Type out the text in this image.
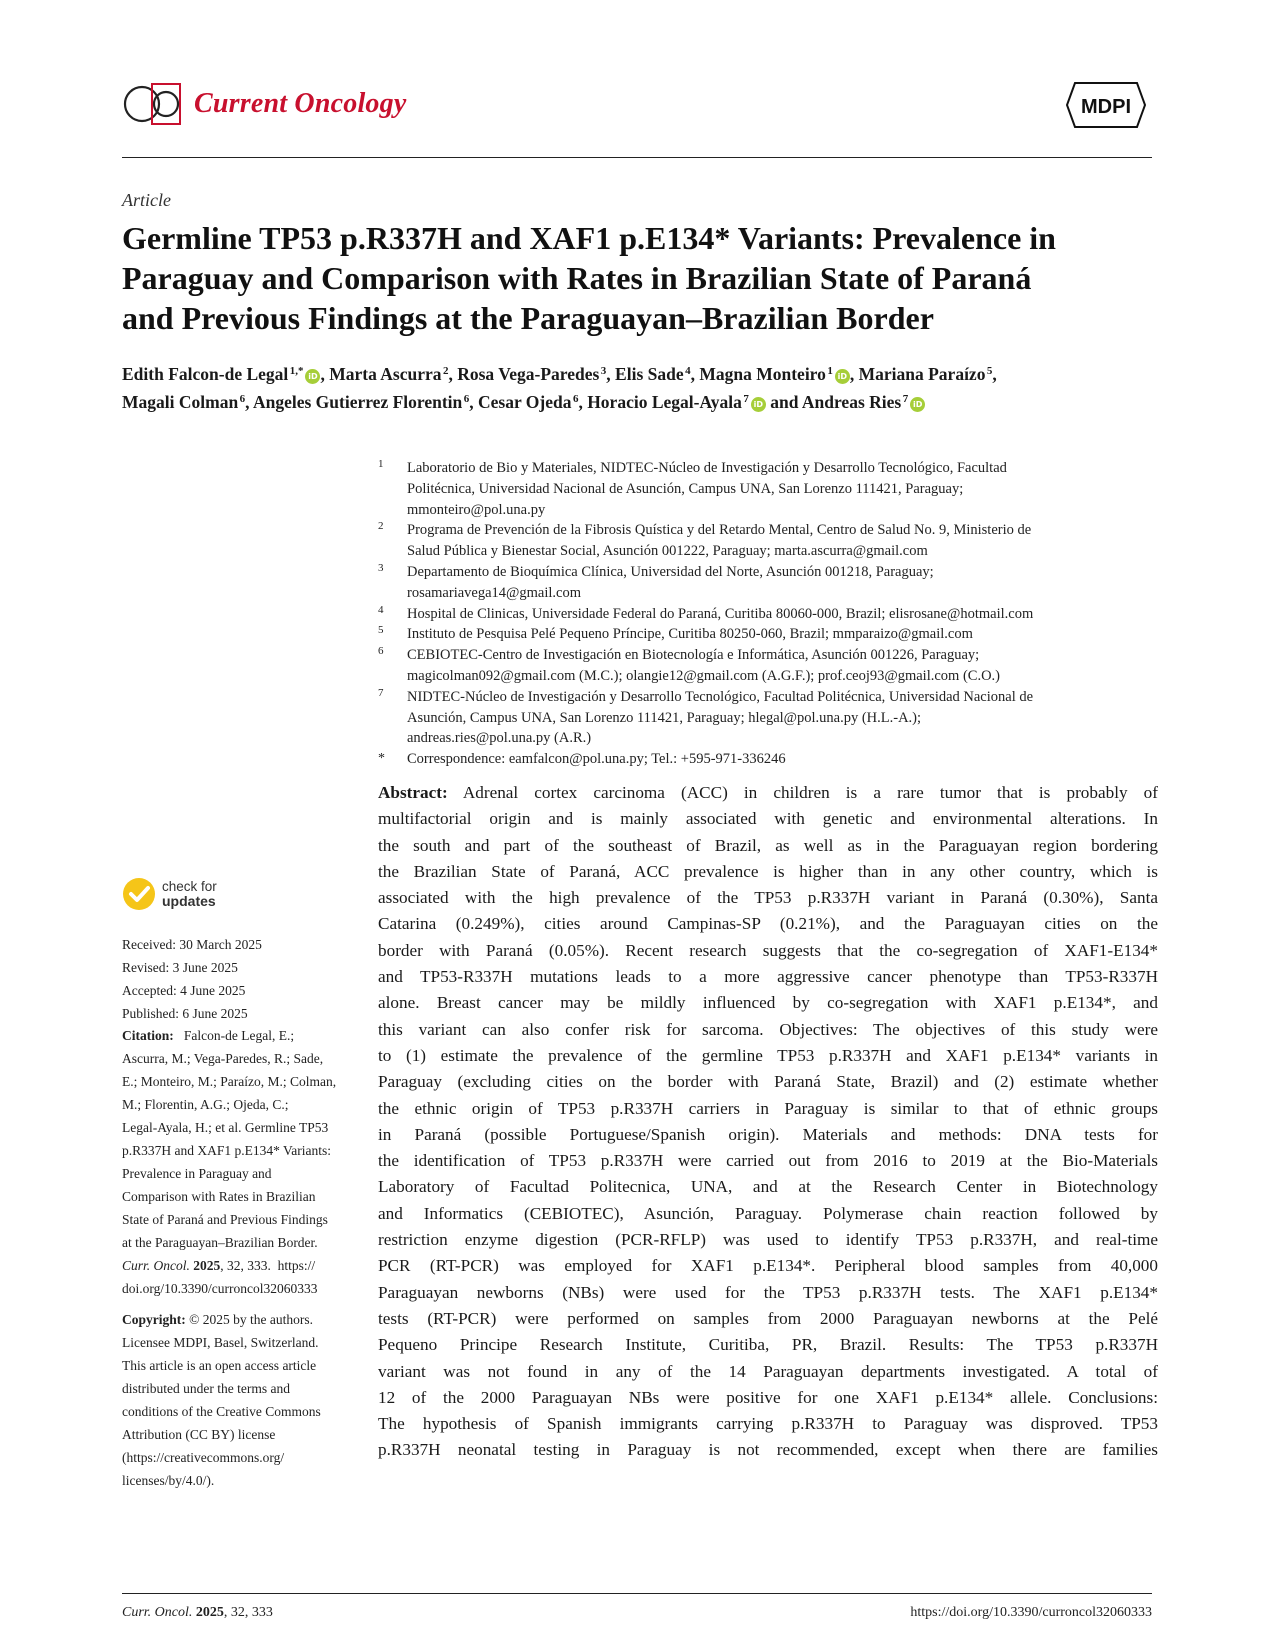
Current Oncology	MDPI
Article
Germline TP53 p.R337H and XAF1 p.E134* Variants: Prevalence in
Paraguay and Comparison with Rates in Brazilian State of Paraná
and Previous Findings at the Paraguayan–Brazilian Border
Edith Falcon-de Legal $^{1,*}$ iD , Marta Ascurra $^2$, Rosa Vega-Paredes $^3$, Elis Sade $^4$, Magna Monteiro $^1$ iD , Mariana Paraízo $^5$,
Magali Colman $^6$, Angeles Gutierrez Florentin $^6$, Cesar Ojeda $^6$, Horacio Legal-Ayala $^7$ iD and Andreas Ries $^7$ iD
1 Laboratorio de Bio y Materiales, NIDTEC-Núcleo de Investigación y Desarrollo Tecnológico, Facultad
Politécnica, Universidad Nacional de Asunción, Campus UNA, San Lorenzo 111421, Paraguay;
mmonteiro@pol.una.py
2 Programa de Prevención de la Fibrosis Quística y del Retardo Mental, Centro de Salud No. 9, Ministerio de
Salud Pública y Bienestar Social, Asunción 001222, Paraguay; marta.ascurra@gmail.com
3 Departamento de Bioquímica Clínica, Universidad del Norte, Asunción 001218, Paraguay;
rosamariavega14@gmail.com
4 Hospital de Clinicas, Universidade Federal do Paraná, Curitiba 80060-000, Brazil; elisrosane@hotmail.com
5 Instituto de Pesquisa Pelé Pequeno Príncipe, Curitiba 80250-060, Brazil; mmparaizo@gmail.com
6 CEBIOTEC-Centro de Investigación en Biotecnología e Informática, Asunción 001226, Paraguay;
magicolman092@gmail.com (M.C.); olangie12@gmail.com (A.G.F.); prof.ceoj93@gmail.com (C.O.)
7 NIDTEC-Núcleo de Investigación y Desarrollo Tecnológico, Facultad Politécnica, Universidad Nacional de
Asunción, Campus UNA, San Lorenzo 111421, Paraguay; hlegal@pol.una.py (H.L.-A.);
andreas.ries@pol.una.py (A.R.)
* Correspondence: eamfalcon@pol.una.py; Tel.: +595-971-336246
Abstract: Adrenal cortex carcinoma (ACC) in children is a rare tumor that is probably of
multifactorial origin and is mainly associated with genetic and environmental alterations. In
the south and part of the southeast of Brazil, as well as in the Paraguayan region bordering
the Brazilian State of Paraná, ACC prevalence is higher than in any other country, which is
associated with the high prevalence of the TP53 p.R337H variant in Paraná (0.30%), Santa
Catarina (0.249%), cities around Campinas-SP (0.21%), and the Paraguayan cities on the
border with Paraná (0.05%). Recent research suggests that the co-segregation of XAF1-E134*
and TP53-R337H mutations leads to a more aggressive cancer phenotype than TP53-R337H
alone. Breast cancer may be mildly influenced by co-segregation with XAF1 p.E134*, and
this variant can also confer risk for sarcoma. Objectives: The objectives of this study were
to (1) estimate the prevalence of the germline TP53 p.R337H and XAF1 p.E134* variants in
Paraguay (excluding cities on the border with Paraná State, Brazil) and (2) estimate whether
the ethnic origin of TP53 p.R337H carriers in Paraguay is similar to that of ethnic groups
in Paraná (possible Portuguese/Spanish origin). Materials and methods: DNA tests for
the identification of TP53 p.R337H were carried out from 2016 to 2019 at the Bio-Materials
Laboratory of Facultad Politecnica, UNA, and at the Research Center in Biotechnology
and Informatics (CEBIOTEC), Asunción, Paraguay. Polymerase chain reaction followed by
restriction enzyme digestion (PCR-RFLP) was used to identify TP53 p.R337H, and real-time
PCR (RT-PCR) was employed for XAF1 p.E134*. Peripheral blood samples from 40,000
Paraguayan newborns (NBs) were used for the TP53 p.R337H tests. The XAF1 p.E134*
tests (RT-PCR) were performed on samples from 2000 Paraguayan newborns at the Pelé
Pequeno Principe Research Institute, Curitiba, PR, Brazil. Results: The TP53 p.R337H
variant was not found in any of the 14 Paraguayan departments investigated. A total of
12 of the 2000 Paraguayan NBs were positive for one XAF1 p.E134* allele. Conclusions:
The hypothesis of Spanish immigrants carrying p.R337H to Paraguay was disproved. TP53
p.R337H neonatal testing in Paraguay is not recommended, except when there are families
check for
updates
Received: 30 March 2025
Revised: 3 June 2025
Accepted: 4 June 2025
Published: 6 June 2025
Citation: Falcon-de Legal, E.;
Ascurra, M.; Vega-Paredes, R.; Sade,
E.; Monteiro, M.; Paraízo, M.; Colman,
M.; Florentin, A.G.; Ojeda, C.;
Legal-Ayala, H.; et al. Germline TP53
p.R337H and XAF1 p.E134* Variants:
Prevalence in Paraguay and
Comparison with Rates in Brazilian
State of Paraná and Previous Findings
at the Paraguayan–Brazilian Border.
Curr. Oncol. 2025, 32, 333. https://
doi.org/10.3390/curroncol32060333
Copyright: © 2025 by the authors.
Licensee MDPI, Basel, Switzerland.
This article is an open access article
distributed under the terms and
conditions of the Creative Commons
Attribution (CC BY) license
(https://creativecommons.org/
licenses/by/4.0/).
Curr. Oncol. 2025, 32, 333	https://doi.org/10.3390/curroncol32060333
